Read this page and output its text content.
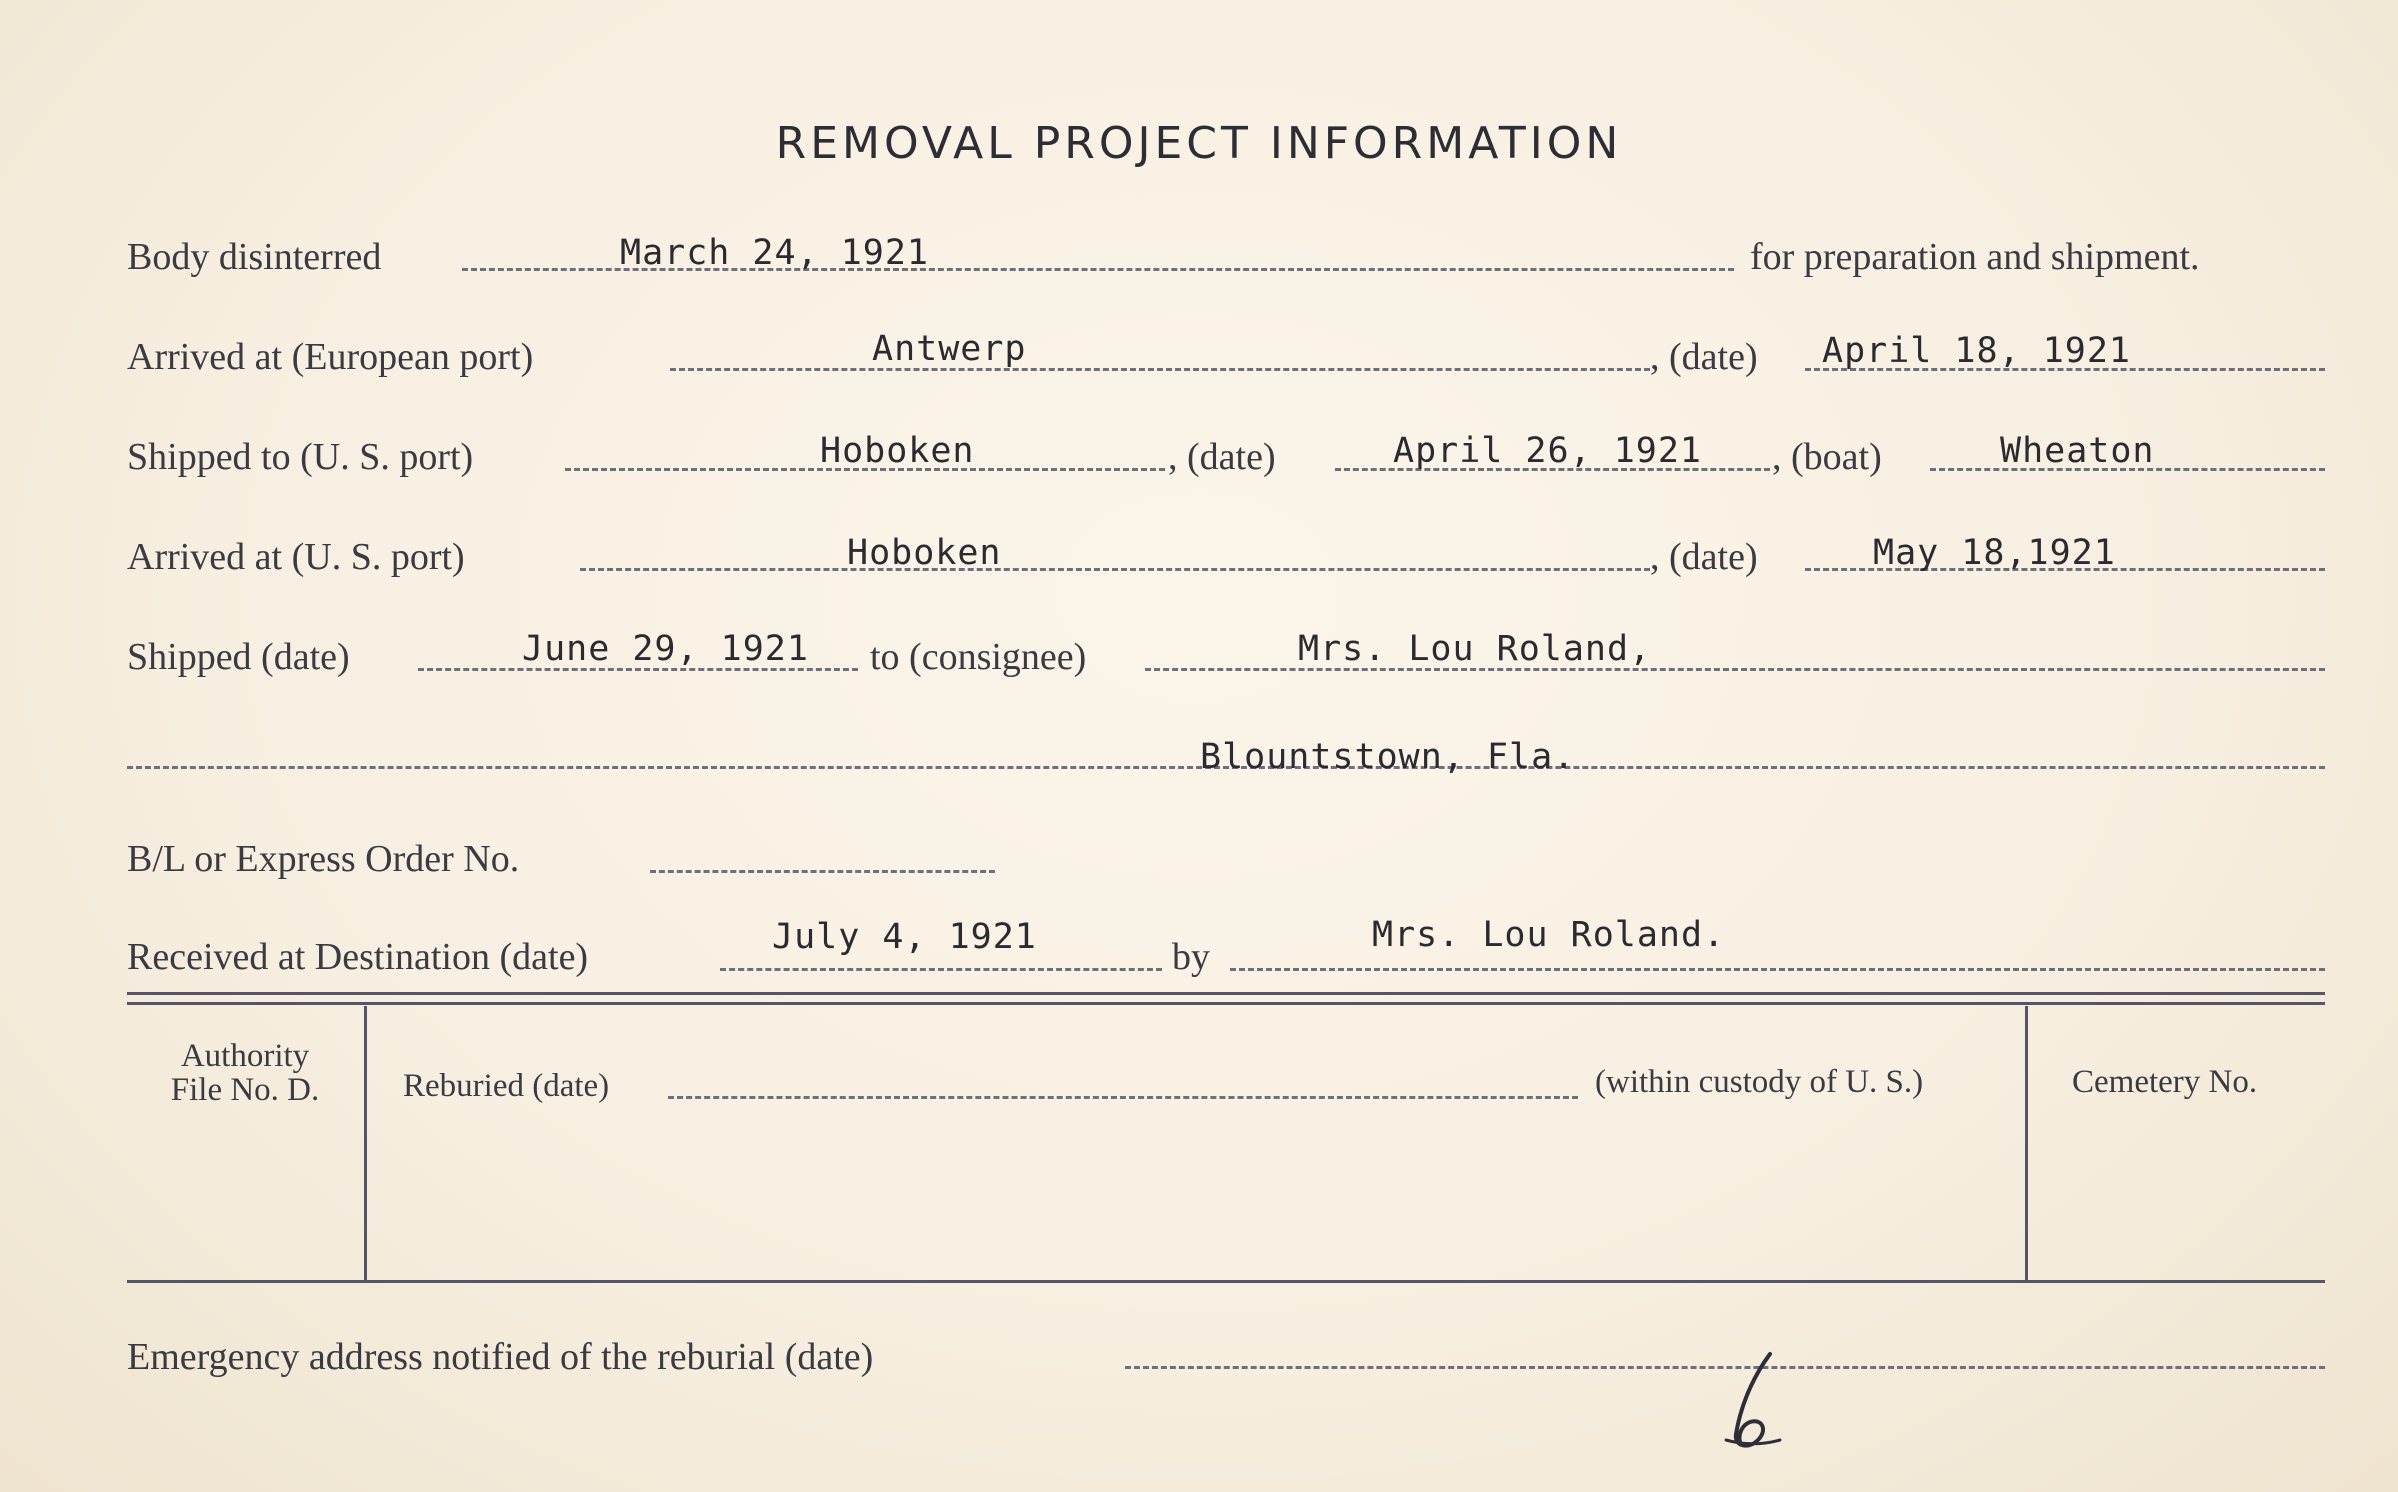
REMOVAL PROJECT INFORMATION
Body disinterred	March 24, 1921	for preparation and shipment.
Arrived at (European port)	Antwerp	, (date) April 18, 1921
Shipped to (U. S. port)	Hoboken	, (date)	April 26, 1921 , (boat)	Wheaton
Arrived at (U. S. port)	Hoboken	, (date)	May 18,1921
Shipped (date)	June 29, 1921 to (consignee)	Mrs. Lou Roland,
Blountstown, Fla.
B/L or Express Order No.
Received at Destination (date)	July 4, 1921	by
Mrs. Lou Roland.
Authority
File No. D.	Reburied (date)	(within custody of U. S.)	Cemetery No.
Emergency address notified of the reburial (date)
